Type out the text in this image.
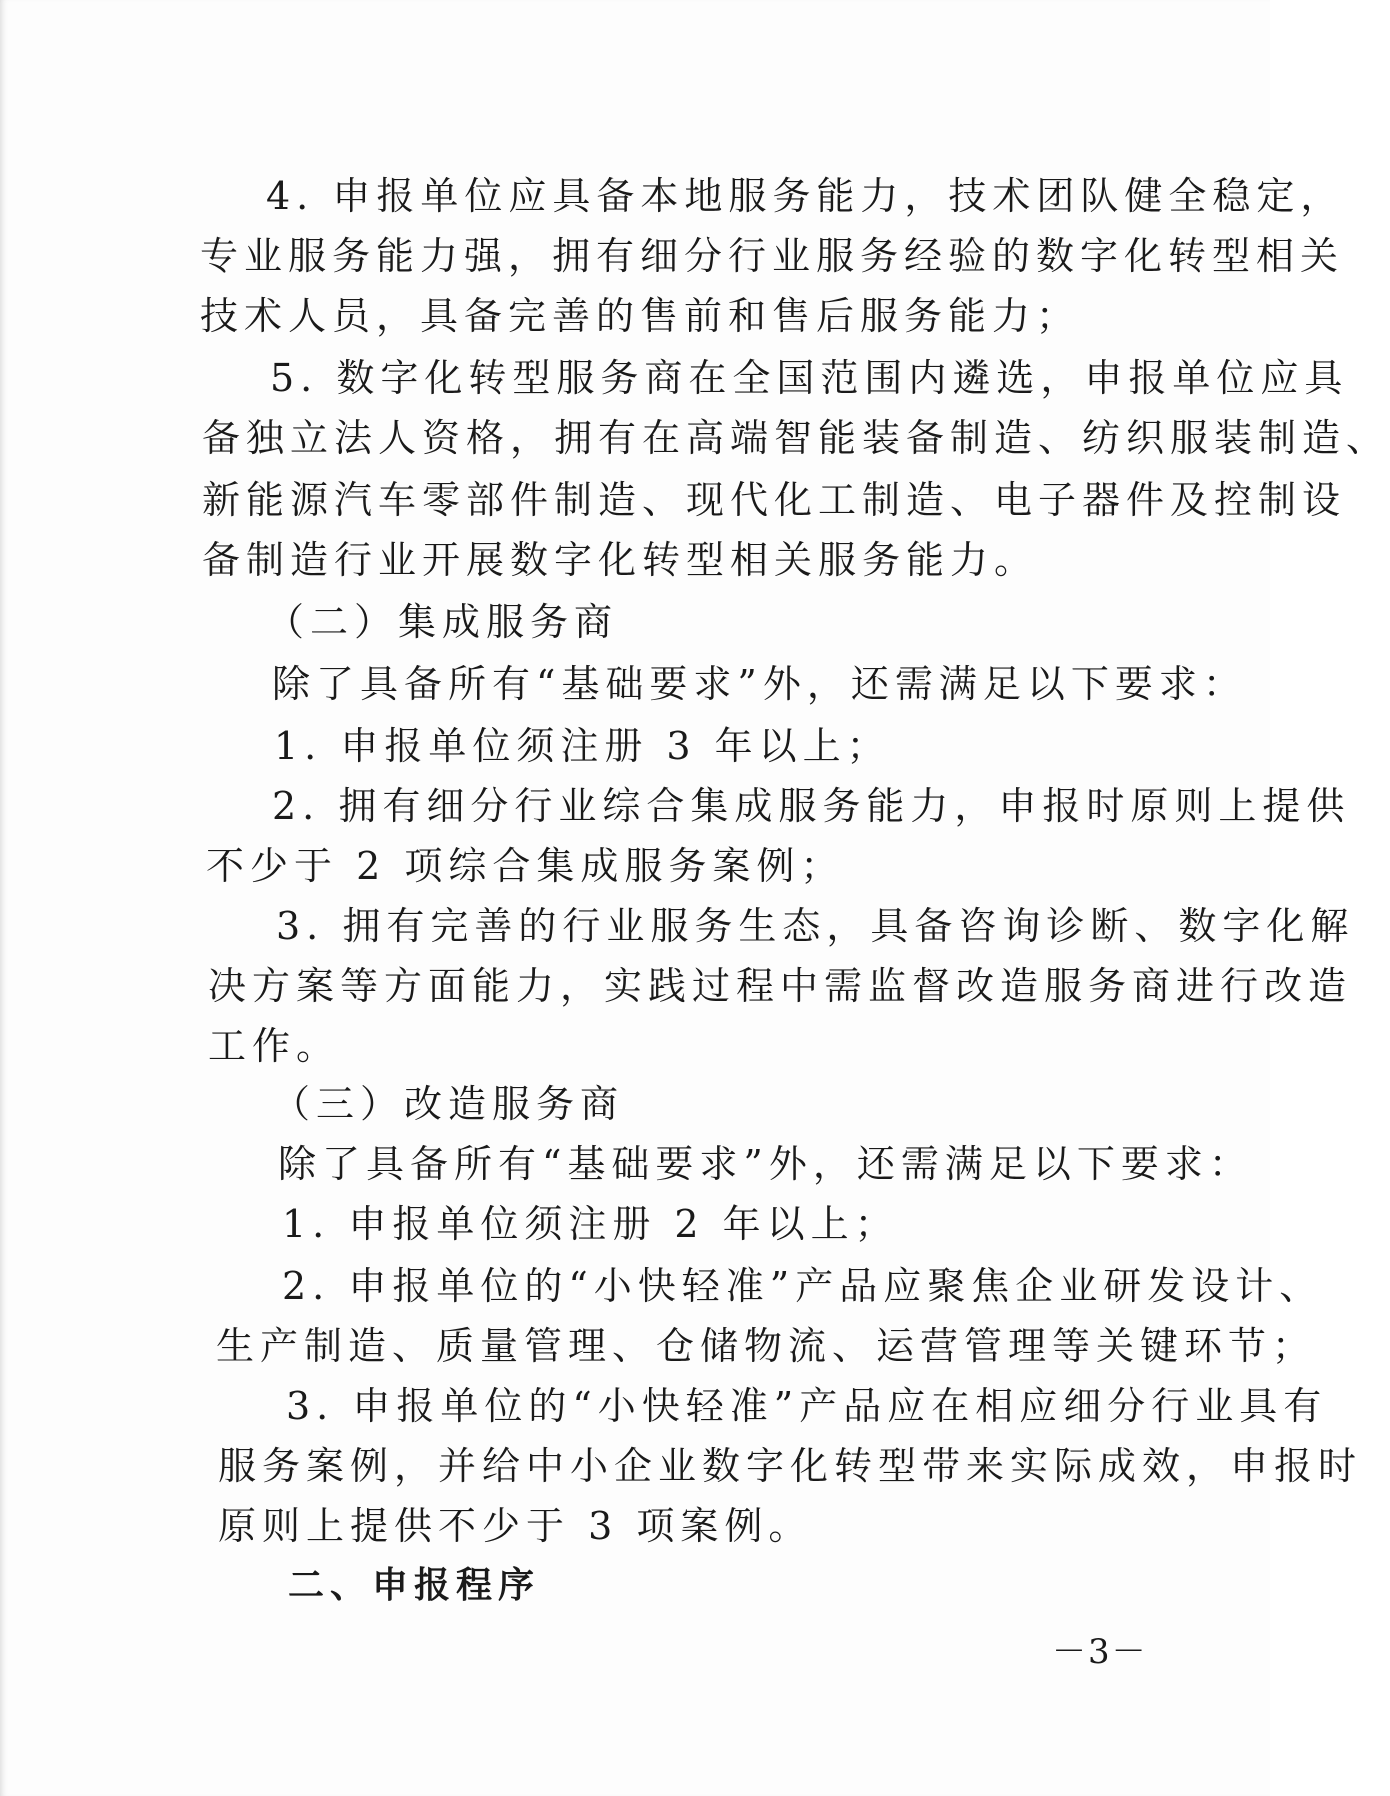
4. 申报单位应具备本地服务能力，技术团队健全稳定，
专业服务能力强，拥有细分行业服务经验的数字化转型相关
技术人员，具备完善的售前和售后服务能力；
5. 数字化转型服务商在全国范围内遴选，申报单位应具
备独立法人资格，拥有在高端智能装备制造、纺织服装制造、
新能源汽车零部件制造、现代化工制造、电子器件及控制设
备制造行业开展数字化转型相关服务能力。
（二）集成服务商
除了具备所有“基础要求”外，还需满足以下要求：
1. 申报单位须注册 3 年以上；
2. 拥有细分行业综合集成服务能力，申报时原则上提供
不少于 2 项综合集成服务案例；
3. 拥有完善的行业服务生态，具备咨询诊断、数字化解
决方案等方面能力，实践过程中需监督改造服务商进行改造
工作。
（三）改造服务商
除了具备所有“基础要求”外，还需满足以下要求：
1. 申报单位须注册 2 年以上；
2. 申报单位的“小快轻准”产品应聚焦企业研发设计、
生产制造、质量管理、仓储物流、运营管理等关键环节；
3. 申报单位的“小快轻准”产品应在相应细分行业具有
服务案例，并给中小企业数字化转型带来实际成效，申报时
原则上提供不少于 3 项案例。
二、申报程序
－3－
